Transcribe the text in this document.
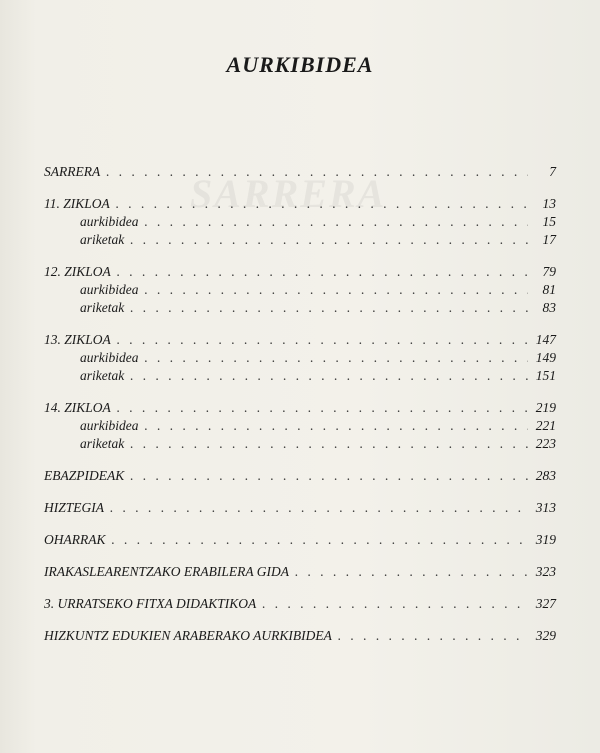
SARRERA
AURKIBIDEA
SARRERA . . .	7
11. ZIKLOA . . .	13
aurkibidea . . .	15
ariketak . . .	17
12. ZIKLOA . . .	79
aurkibidea . . .	81
ariketak . . .	83
13. ZIKLOA . . .	147
aurkibidea . . .	149
ariketak . . .	151
14. ZIKLOA . . .	219
aurkibidea . . .	221
ariketak . . .	223
EBAZPIDEAK . . .	283
HIZTEGIA . . .	313
OHARRAK . . .	319
IRAKASLEARENTZAKO ERABILERA GIDA . . .	323
3. URRATSEKO FITXA DIDAKTIKOA . . .	327
HIZKUNTZ EDUKIEN ARABERAKO AURKIBIDEA . . .	329
